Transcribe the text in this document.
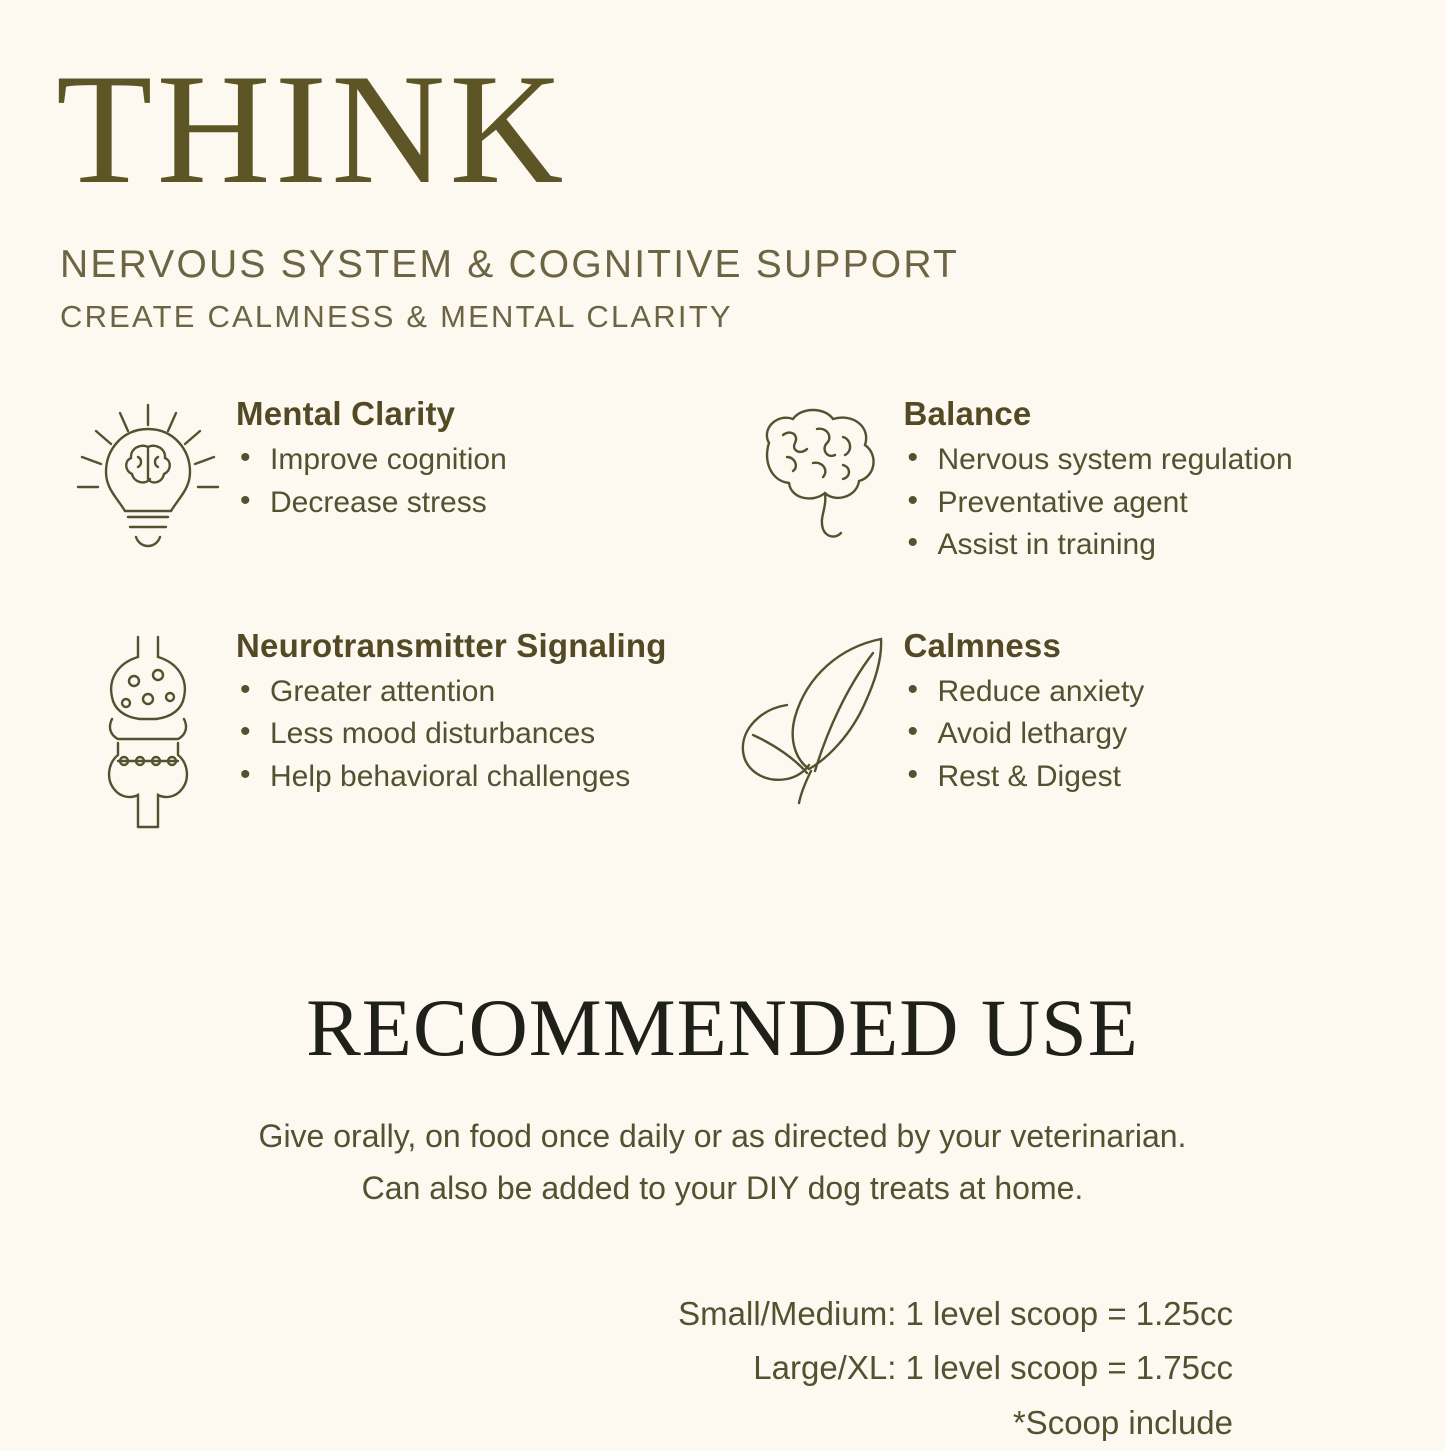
THINK
NERVOUS SYSTEM & COGNITIVE SUPPORT
CREATE CALMNESS & MENTAL CLARITY
Mental Clarity
• Improve cognition
• Decrease stress
Balance
• Nervous system regulation
• Preventative agent
• Assist in training
Neurotransmitter Signaling
• Greater attention
• Less mood disturbances
• Help behavioral challenges
Calmness
• Reduce anxiety
• Avoid lethargy
• Rest & Digest
RECOMMENDED USE
Give orally, on food once daily or as directed by your veterinarian.
Can also be added to your DIY dog treats at home.
Small/Medium: 1 level scoop = 1.25cc
Large/XL: 1 level scoop = 1.75cc
*Scoop include
